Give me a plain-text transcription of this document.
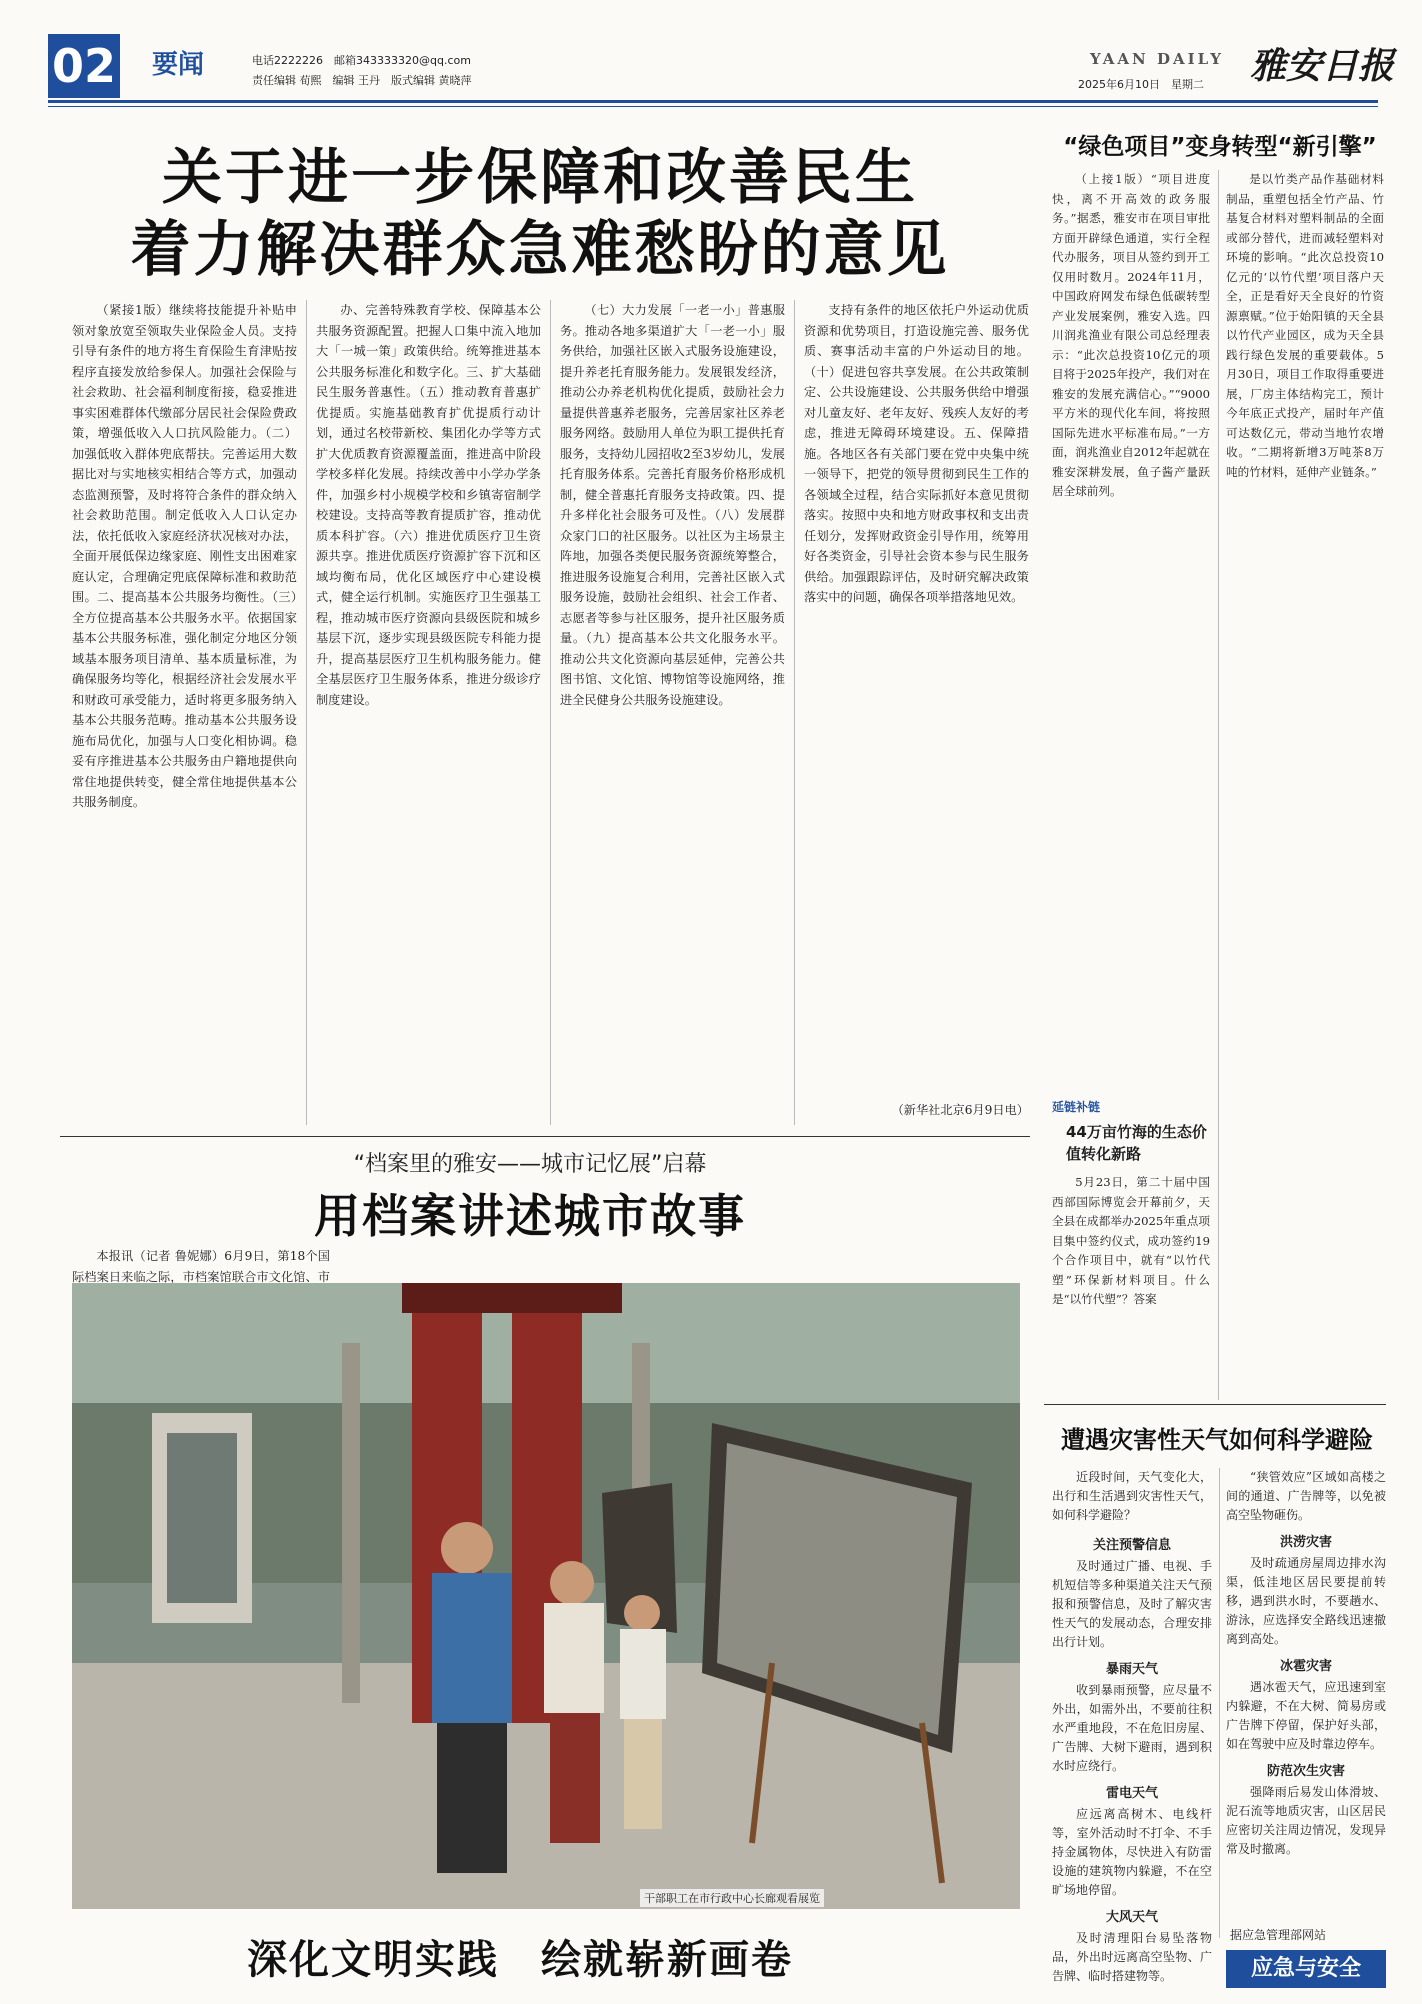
02 要闻	电话2222226　 邮箱343333320@qq.com
责任编辑 荀熙　编辑 王丹　版式编辑 黄晓萍
YAAN DAILY
2025年6月10日　星期二 雅安日报
关于进一步保障和改善民生
着力解决群众急难愁盼的意见

（紧接1版）继续将技能提升补贴申领对象放宽至领取失业保险金人员。支持引导有条件的地方将生育保险生育津贴按程序直接发放给参保人。加强社会保险与社会救助、社会福利制度衔接，稳妥推进事实困难群体代缴部分居民社会保险费政策，增强低收入人口抗风险能力。（二）加强低收入群体兜底帮扶。完善运用大数据比对与实地核实相结合等方式，加强动态监测预警，及时将符合条件的群众纳入社会救助范围。制定低收入人口认定办法，依托低收入家庭经济状况核对办法，全面开展低保边缘家庭、刚性支出困难家庭认定，合理确定兜底保障标准和救助范围。二、提高基本公共服务均衡性。（三）全方位提高基本公共服务水平。依据国家基本公共服务标准，强化制定分地区分领域基本服务项目清单、基本质量标准，为确保服务均等化，根据经济社会发展水平和财政可承受能力，适时将更多服务纳入基本公共服务范畴。推动基本公共服务设施布局优化，加强与人口变化相协调。稳妥有序推进基本公共服务由户籍地提供向常住地提供转变，健全常住地提供基本公共服务制度。

办、完善特殊教育学校、保障基本公共服务资源配置。把握人口集中流入地加大「一城一策」政策供给。统筹推进基本公共服务标准化和数字化。三、扩大基础民生服务普惠性。（五）推动教育普惠扩优提质。实施基础教育扩优提质行动计划，通过名校带新校、集团化办学等方式扩大优质教育资源覆盖面，推进高中阶段学校多样化发展。持续改善中小学办学条件，加强乡村小规模学校和乡镇寄宿制学校建设。支持高等教育提质扩容，推动优质本科扩容。（六）推进优质医疗卫生资源共享。推进优质医疗资源扩容下沉和区域均衡布局，优化区域医疗中心建设模式，健全运行机制。实施医疗卫生强基工程，推动城市医疗资源向县级医院和城乡基层下沉，逐步实现县级医院专科能力提升，提高基层医疗卫生机构服务能力。健全基层医疗卫生服务体系，推进分级诊疗制度建设。

（七）大力发展「一老一小」普惠服务。推动各地多渠道扩大「一老一小」服务供给，加强社区嵌入式服务设施建设，提升养老托育服务能力。发展银发经济，推动公办养老机构优化提质，鼓励社会力量提供普惠养老服务，完善居家社区养老服务网络。鼓励用人单位为职工提供托育服务，支持幼儿园招收2至3岁幼儿，发展托育服务体系。完善托育服务价格形成机制，健全普惠托育服务支持政策。四、提升多样化社会服务可及性。（八）发展群众家门口的社区服务。以社区为主场景主阵地，加强各类便民服务资源统筹整合，推进服务设施复合利用，完善社区嵌入式服务设施，鼓励社会组织、社会工作者、志愿者等参与社区服务，提升社区服务质量。（九）提高基本公共文化服务水平。推动公共文化资源向基层延伸，完善公共图书馆、文化馆、博物馆等设施网络，推进全民健身公共服务设施建设。

支持有条件的地区依托户外运动优质资源和优势项目，打造设施完善、服务优质、赛事活动丰富的户外运动目的地。（十）促进包容共享发展。在公共政策制定、公共设施建设、公共服务供给中增强对儿童友好、老年友好、残疾人友好的考虑，推进无障碍环境建设。五、保障措施。各地区各有关部门要在党中央集中统一领导下，把党的领导贯彻到民生工作的各领域全过程，结合实际抓好本意见贯彻落实。按照中央和地方财政事权和支出责任划分，发挥财政资金引导作用，统筹用好各类资金，引导社会资本参与民生服务供给。加强跟踪评估，及时研究解决政策落实中的问题，确保各项举措落地见效。

（新华社北京6月9日电）
“档案里的雅安——城市记忆展”启幕
用档案讲述城市故事

本报讯（记者 鲁妮娜）6月9日，第18个国际档案日来临之际，市档案馆联合市文化馆、市

干部职工在市行政中心长廊观看展览
深化文明实践　绘就崭新画卷
“绿色项目”变身转型“新引擎”

（上接1版）“项目进度快，离不开高效的政务服务。”据悉，雅安市在项目审批方面开辟绿色通道，实行全程代办服务，项目从签约到开工仅用时数月。2024年11月，中国政府网发布绿色低碳转型产业发展案例，雅安入选。四川润兆渔业有限公司总经理表示：“此次总投资10亿元的项目将于2025年投产，我们对在雅安的发展充满信心。”“9000平方米的现代化车间，将按照国际先进水平标准布局。”一方面，润兆渔业自2012年起就在雅安深耕发展，鱼子酱产量跃居全球前列。

是以竹类产品作基础材料制品，重塑包括全竹产品、竹基复合材料对塑料制品的全面或部分替代，进而减轻塑料对环境的影响。“此次总投资10亿元的‘以竹代塑’项目落户天全，正是看好天全良好的竹资源禀赋。”位于始阳镇的天全县以竹代产业园区，成为天全县践行绿色发展的重要载体。5月30日，项目工作取得重要进展，厂房主体结构完工，预计今年底正式投产，届时年产值可达数亿元，带动当地竹农增收。“二期将新增3万吨茶8万吨的竹材料，延伸产业链条。”

延链补链
44万亩竹海的生态价值转化新路

5月23日，第二十届中国西部国际博览会开幕前夕，天全县在成都举办2025年重点项目集中签约仪式，成功签约19个合作项目中，就有“以竹代塑”环保新材料项目。什么是“以竹代塑”？答案

遭遇灾害性天气如何科学避险

近段时间，天气变化大，出行和生活遇到灾害性天气，如何科学避险？

关注预警信息
及时通过广播、电视、手机短信等多种渠道关注天气预报和预警信息，及时了解灾害性天气的发展动态，合理安排出行计划。
暴雨天气
收到暴雨预警，应尽量不外出，如需外出，不要前往积水严重地段，不在危旧房屋、广告牌、大树下避雨，遇到积水时应绕行。
雷电天气
应远离高树木、电线杆等，室外活动时不打伞、不手持金属物体，尽快进入有防雷设施的建筑物内躲避，不在空旷场地停留。
大风天气
及时清理阳台易坠落物品，外出时远离高空坠物、广告牌、临时搭建物等。
“狭管效应”区域如高楼之间的通道、广告牌等，以免被高空坠物砸伤。
洪涝灾害
及时疏通房屋周边排水沟渠，低洼地区居民要提前转移，遇到洪水时，不要趟水、游泳，应选择安全路线迅速撤离到高处。
冰雹灾害
遇冰雹天气，应迅速到室内躲避，不在大树、简易房或广告牌下停留，保护好头部，如在驾驶中应及时靠边停车。
防范次生灾害
强降雨后易发山体滑坡、泥石流等地质灾害，山区居民应密切关注周边情况，发现异常及时撤离。
据应急管理部网站
应急与安全
